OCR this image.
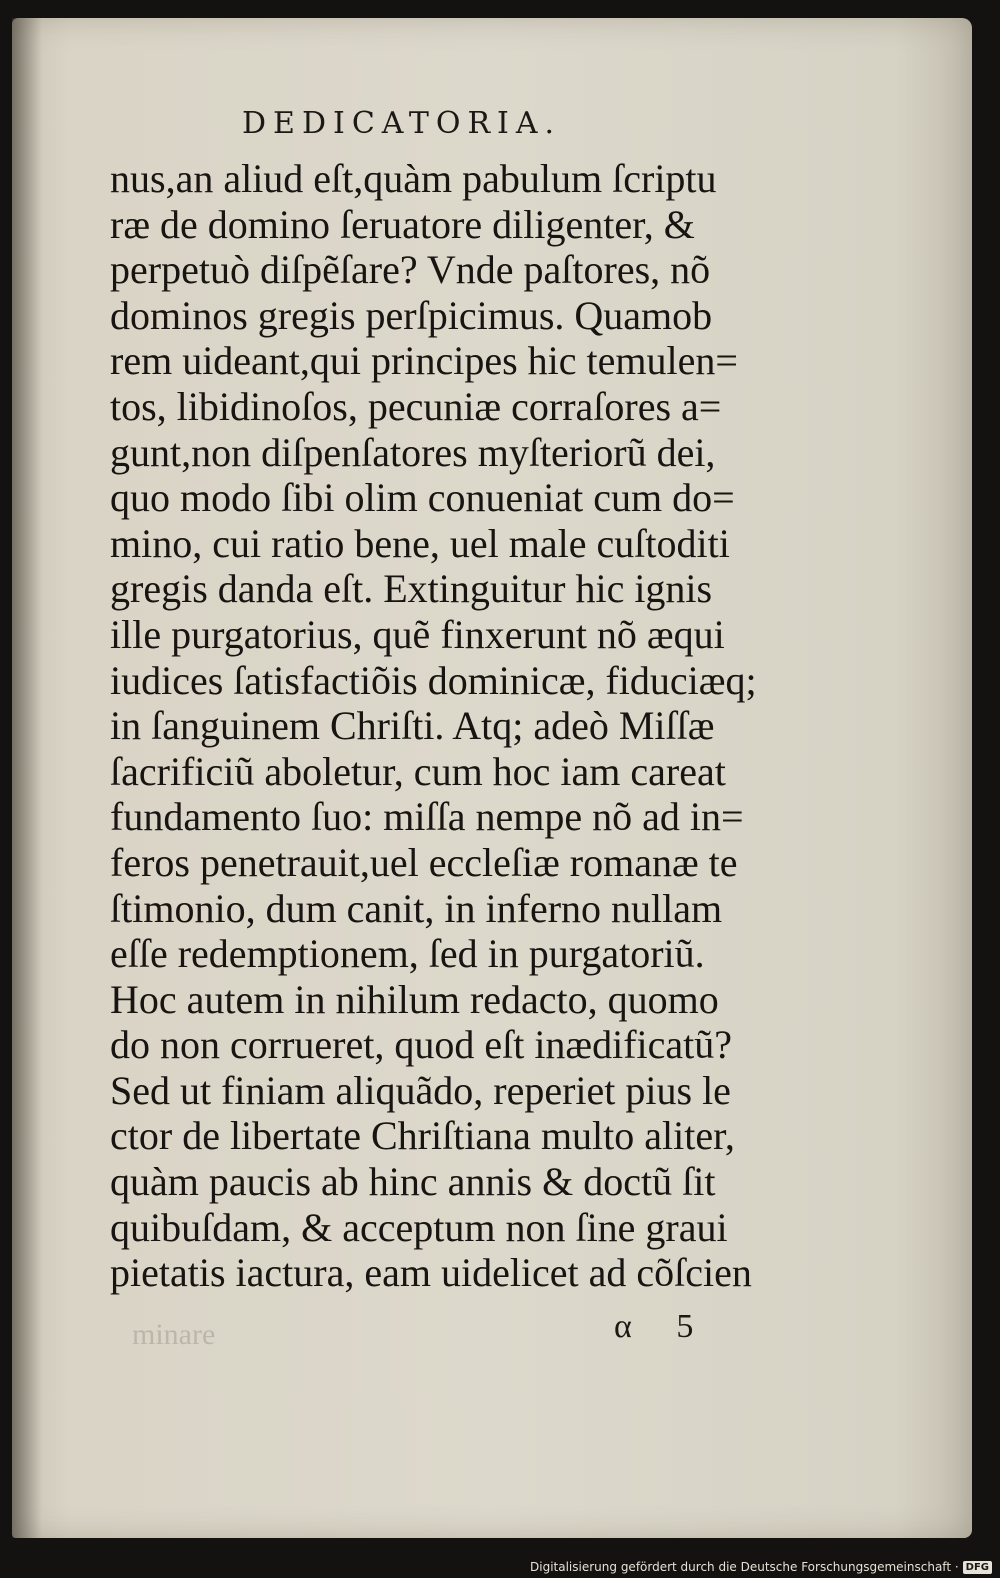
DEDICATORIA.
nus,an aliud eſt,quàm pabulum ſcriptu
ræ de domino ſeruatore diligenter, &
perpetuò diſpẽſare? Vnde paſtores, nõ
dominos gregis perſpicimus. Quamob
rem uideant,qui principes hic temulen=
tos, libidinoſos, pecuniæ corraſores a=
gunt,non diſpenſatores myſteriorũ dei,
quo modo ſibi olim conueniat cum do=
mino, cui ratio bene, uel male cuſtoditi
gregis danda eſt. Extinguitur hic ignis
ille purgatorius, quẽ finxerunt nõ æqui
iudices ſatisfactiõis dominicæ, fiduciæq;
in ſanguinem Chriſti. Atq; adeò Miſſæ
ſacrificiũ aboletur, cum hoc iam careat
fundamento ſuo: miſſa nempe nõ ad in=
feros penetrauit,uel eccleſiæ romanæ te
ſtimonio, dum canit, in inferno nullam
eſſe redemptionem, ſed in purgatoriũ.
Hoc autem in nihilum redacto, quomo
do non corrueret, quod eſt inædificatũ?
Sed ut finiam aliquãdo, reperiet pius le
ctor de libertate Chriſtiana multo aliter,
quàm paucis ab hinc annis & doctũ ſit
quibuſdam, & acceptum non ſine graui
pietatis iactura, eam uidelicet ad cõſcien
minare	α 5
Digitalisierung gefördert durch die Deutsche Forschungsgemeinschaft · DFG
